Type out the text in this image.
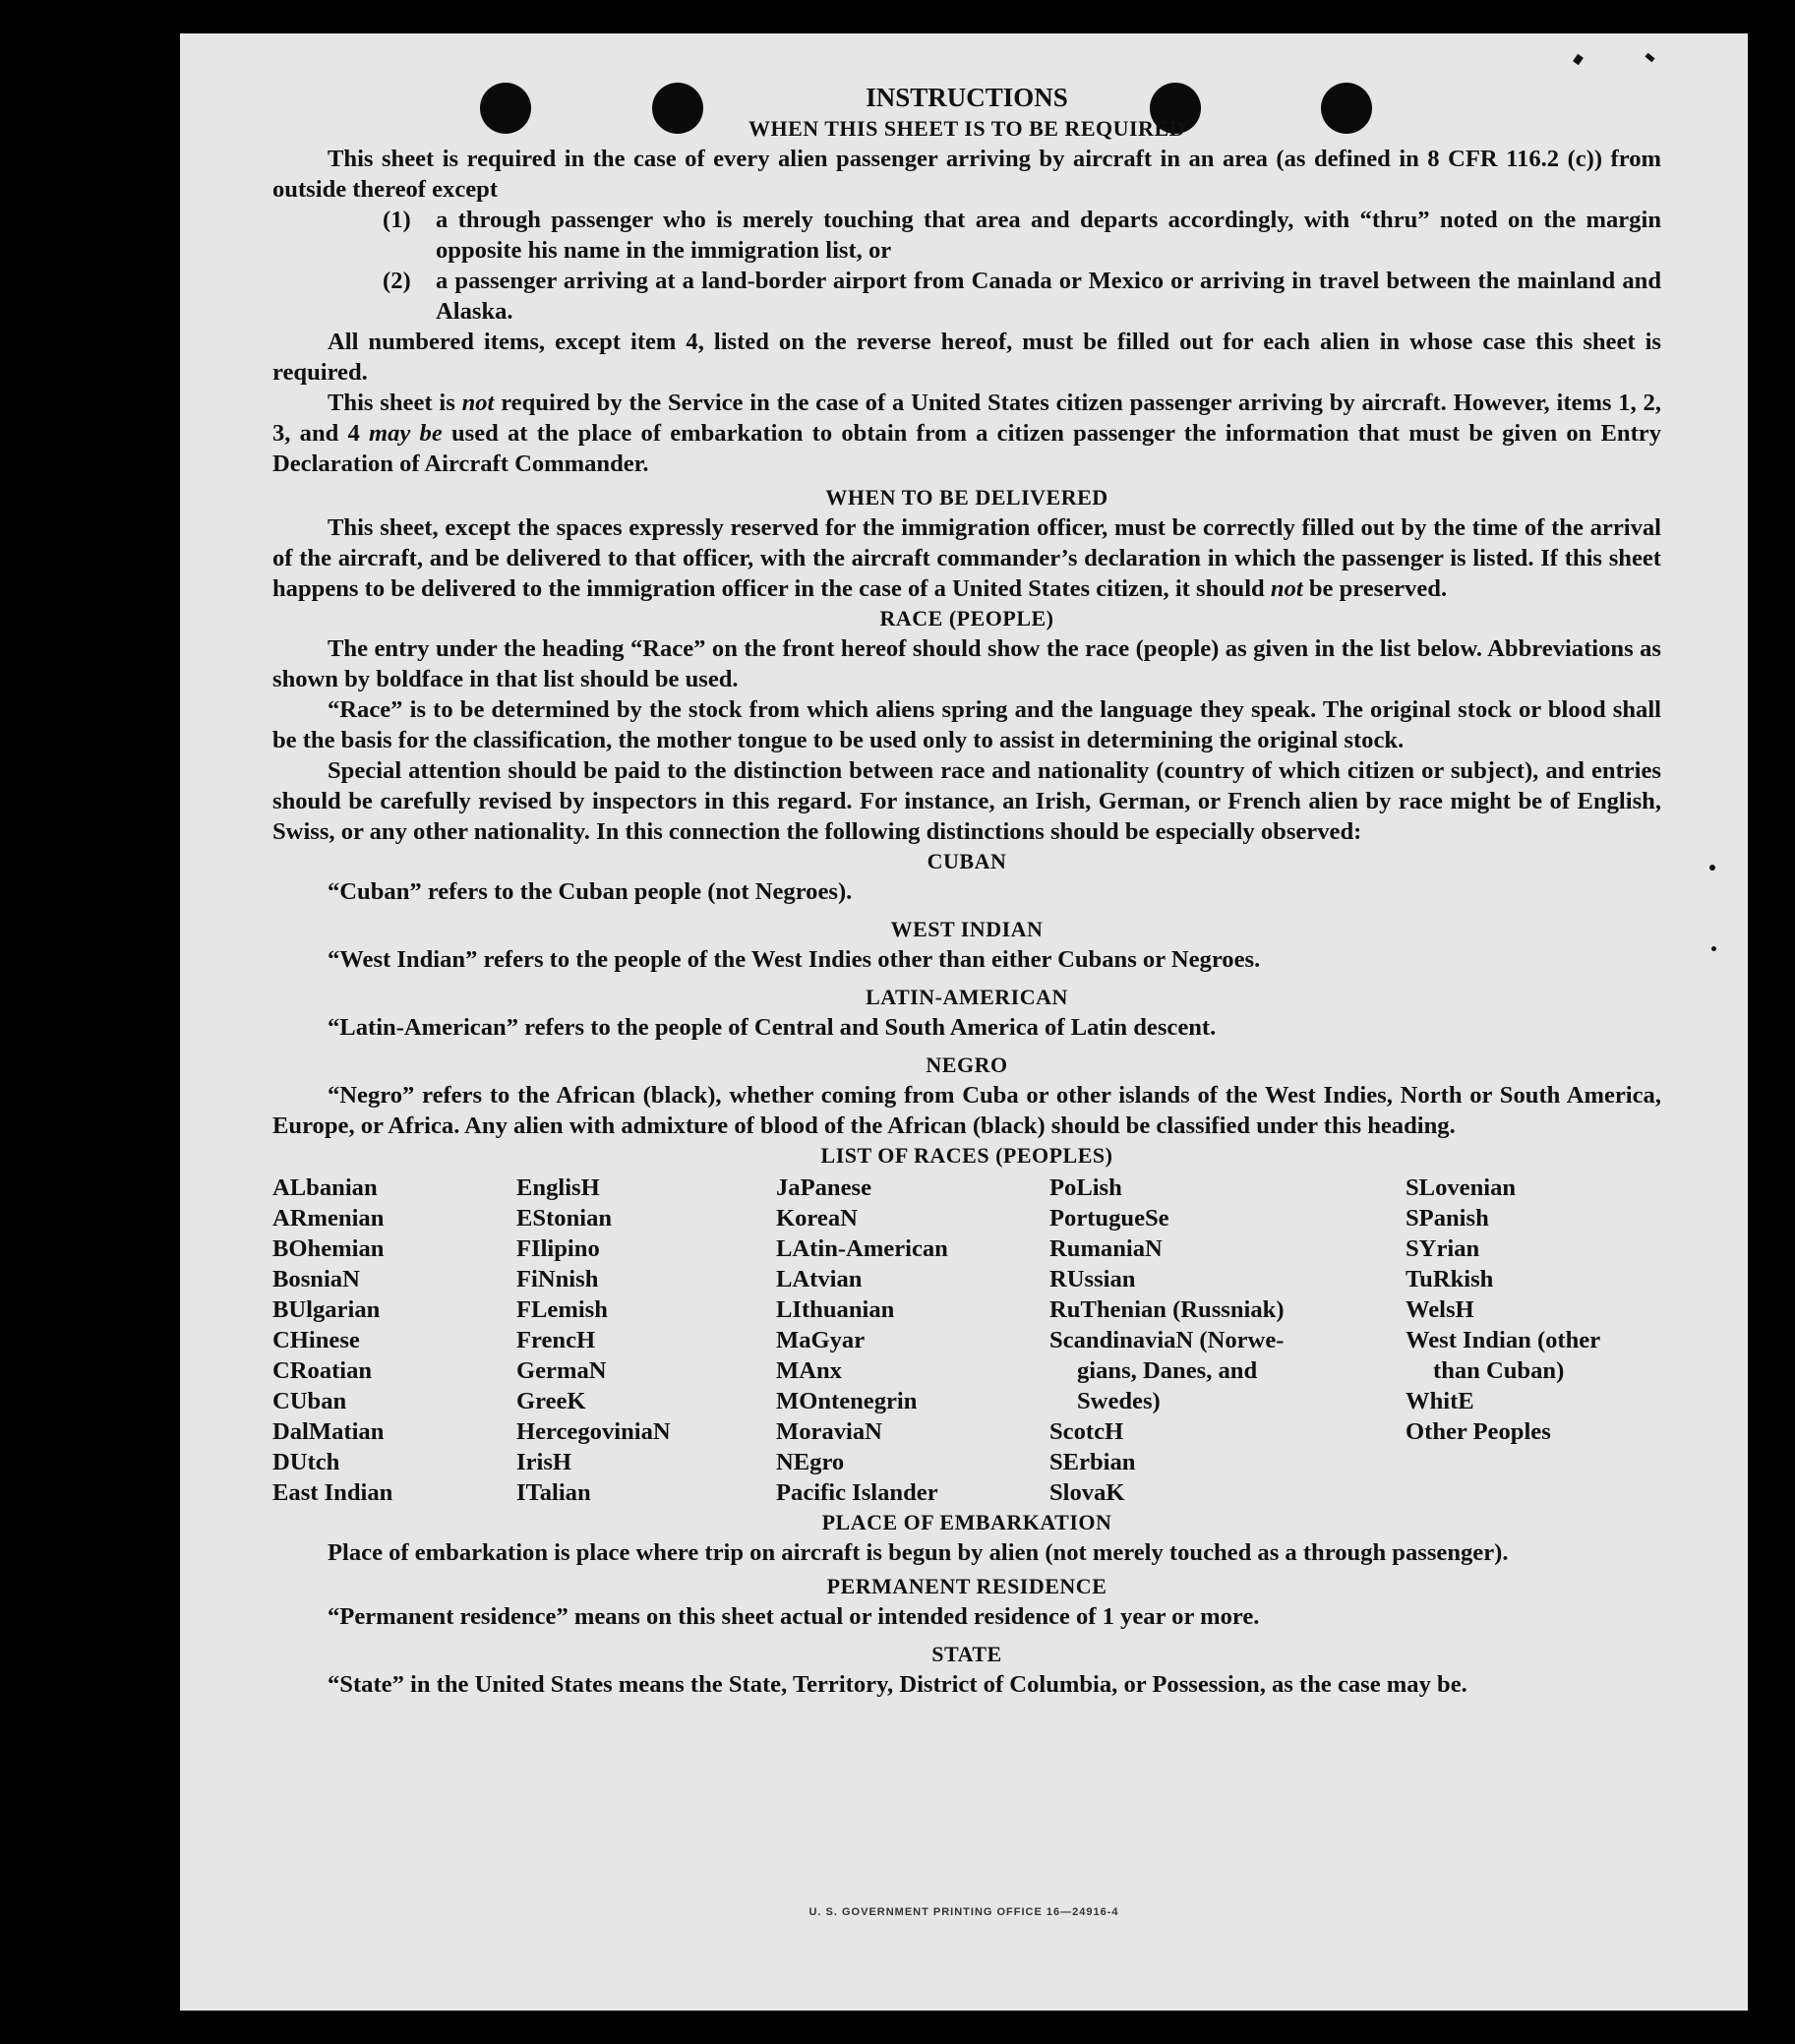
INSTRUCTIONS
WHEN THIS SHEET IS TO BE REQUIRED

This sheet is required in the case of every alien passenger arriving by aircraft in an area (as defined in 8 CFR 116.2 (c)) from outside thereof except

(1)	a through passenger who is merely touching that area and departs accordingly, with “thru” noted on the margin opposite his name in the immigration list, or
(2)	a passenger arriving at a land-border airport from Canada or Mexico or arriving in travel between the mainland and Alaska.

All numbered items, except item 4, listed on the reverse hereof, must be filled out for each alien in whose case this sheet is required.

This sheet is not required by the Service in the case of a United States citizen passenger arriving by aircraft. However, items 1, 2, 3, and 4 may be used at the place of embarkation to obtain from a citizen passenger the information that must be given on Entry Declaration of Aircraft Commander.

WHEN TO BE DELIVERED

This sheet, except the spaces expressly reserved for the immigration officer, must be correctly filled out by the time of the arrival of the aircraft, and be delivered to that officer, with the aircraft commander’s declaration in which the passenger is listed. If this sheet happens to be delivered to the immigration officer in the case of a United States citizen, it should not be preserved.

RACE (PEOPLE)

The entry under the heading “Race” on the front hereof should show the race (people) as given in the list below. Abbreviations as shown by boldface in that list should be used.

“Race” is to be determined by the stock from which aliens spring and the language they speak. The original stock or blood shall be the basis for the classification, the mother tongue to be used only to assist in determining the original stock.

Special attention should be paid to the distinction between race and nationality (country of which citizen or subject), and entries should be carefully revised by inspectors in this regard. For instance, an Irish, German, or French alien by race might be of English, Swiss, or any other nationality. In this connection the following distinctions should be especially observed:

CUBAN

“Cuban” refers to the Cuban people (not Negroes).

WEST INDIAN

“West Indian” refers to the people of the West Indies other than either Cubans or Negroes.

LATIN-AMERICAN

“Latin-American” refers to the people of Central and South America of Latin descent.

NEGRO

“Negro” refers to the African (black), whether coming from Cuba or other islands of the West Indies, North or South America, Europe, or Africa. Any alien with admixture of blood of the African (black) should be classified under this heading.

LIST OF RACES (PEOPLES)
ALbanian
ARmenian
BOhemian
BosniaN
BUlgarian
CHinese
CRoatian
CUban
DalMatian
DUtch
East Indian
EnglisH
EStonian
FIlipino
FiNnish
FLemish
FrencH
GermaN
GreeK
HercegoviniaN
IrisH
ITalian
JaPanese
KoreaN
LAtin-American
LAtvian
LIthuanian
MaGyar
MAnx
MOntenegrin
MoraviaN
NEgro
Pacific Islander
PoLish
PortugueSe
RumaniaN
RUssian
RuThenian (Russniak)
ScandinaviaN (Norwe-
gians, Danes, and
Swedes)
ScotcH
SErbian
SlovaK
SLovenian
SPanish
SYrian
TuRkish
WelsH
West Indian (other
than Cuban)
WhitE
Other Peoples
PLACE OF EMBARKATION

Place of embarkation is place where trip on aircraft is begun by alien (not merely touched as a through passenger).

PERMANENT RESIDENCE

“Permanent residence” means on this sheet actual or intended residence of 1 year or more.

STATE

“State” in the United States means the State, Territory, District of Columbia, or Possession, as the case may be.

U. S. GOVERNMENT PRINTING OFFICE 16—24916-4
